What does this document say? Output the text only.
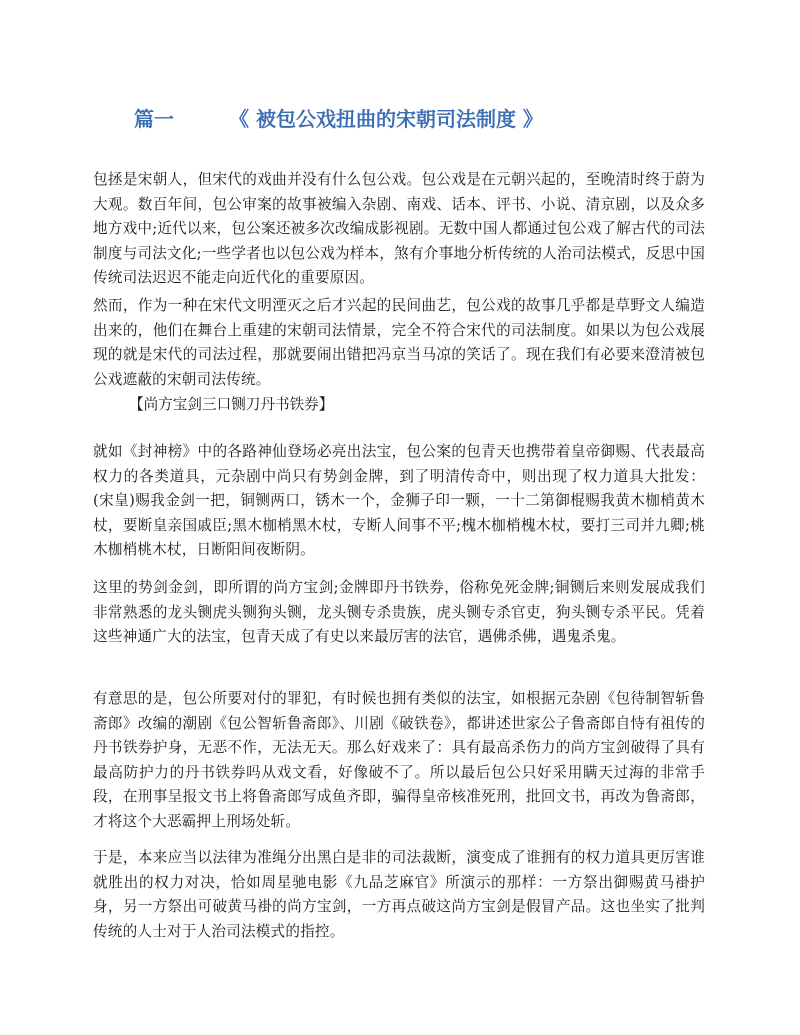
篇一	《 被包公戏扭曲的宋朝司法制度 》

包拯是宋朝人，但宋代的戏曲并没有什么包公戏。包公戏是在元朝兴起的，至晚清时终于蔚为大观。数百年间，包公审案的故事被编入杂剧、南戏、话本、评书、小说、清京剧，以及众多地方戏中;近代以来，包公案还被多次改编成影视剧。无数中国人都通过包公戏了解古代的司法制度与司法文化;一些学者也以包公戏为样本，煞有介事地分析传统的人治司法模式，反思中国传统司法迟迟不能走向近代化的重要原因。

然而，作为一种在宋代文明湮灭之后才兴起的民间曲艺，包公戏的故事几乎都是草野文人编造出来的，他们在舞台上重建的宋朝司法情景，完全不符合宋代的司法制度。如果以为包公戏展现的就是宋代的司法过程，那就要闹出错把冯京当马凉的笑话了。现在我们有必要来澄清被包公戏遮蔽的宋朝司法传统。

【尚方宝剑三口铡刀丹书铁券】

就如《封神榜》中的各路神仙登场必亮出法宝，包公案的包青天也携带着皇帝御赐、代表最高权力的各类道具，元杂剧中尚只有势剑金牌，到了明清传奇中，则出现了权力道具大批发：(宋皇)赐我金剑一把，铜铡两口，锈木一个，金狮子印一颗，一十二第御棍赐我黄木枷梢黄木杖，要断皇亲国戚臣;黑木枷梢黑木杖，专断人间事不平;槐木枷梢槐木杖，要打三司并九卿;桃木枷梢桃木杖，日断阳间夜断阴。

这里的势剑金剑，即所谓的尚方宝剑;金牌即丹书铁券，俗称免死金牌;铜铡后来则发展成我们非常熟悉的龙头铡虎头铡狗头铡，龙头铡专杀贵族，虎头铡专杀官吏，狗头铡专杀平民。凭着这些神通广大的法宝，包青天成了有史以来最厉害的法官，遇佛杀佛，遇鬼杀鬼。

有意思的是，包公所要对付的罪犯，有时候也拥有类似的法宝，如根据元杂剧《包待制智斩鲁斋郎》改编的潮剧《包公智斩鲁斋郎》、川剧《破铁卷》，都讲述世家公子鲁斋郎自恃有祖传的丹书铁券护身，无恶不作，无法无天。那么好戏来了：具有最高杀伤力的尚方宝剑破得了具有最高防护力的丹书铁券吗从戏文看，好像破不了。所以最后包公只好采用瞒天过海的非常手段，在刑事呈报文书上将鲁斋郎写成鱼齐即，骗得皇帝核准死刑，批回文书，再改为鲁斋郎，才将这个大恶霸押上刑场处斩。

于是，本来应当以法律为准绳分出黑白是非的司法裁断，演变成了谁拥有的权力道具更厉害谁就胜出的权力对决，恰如周星驰电影《九品芝麻官》所演示的那样：一方祭出御赐黄马褂护身，另一方祭出可破黄马褂的尚方宝剑，一方再点破这尚方宝剑是假冒产品。这也坐实了批判传统的人士对于人治司法模式的指控。
